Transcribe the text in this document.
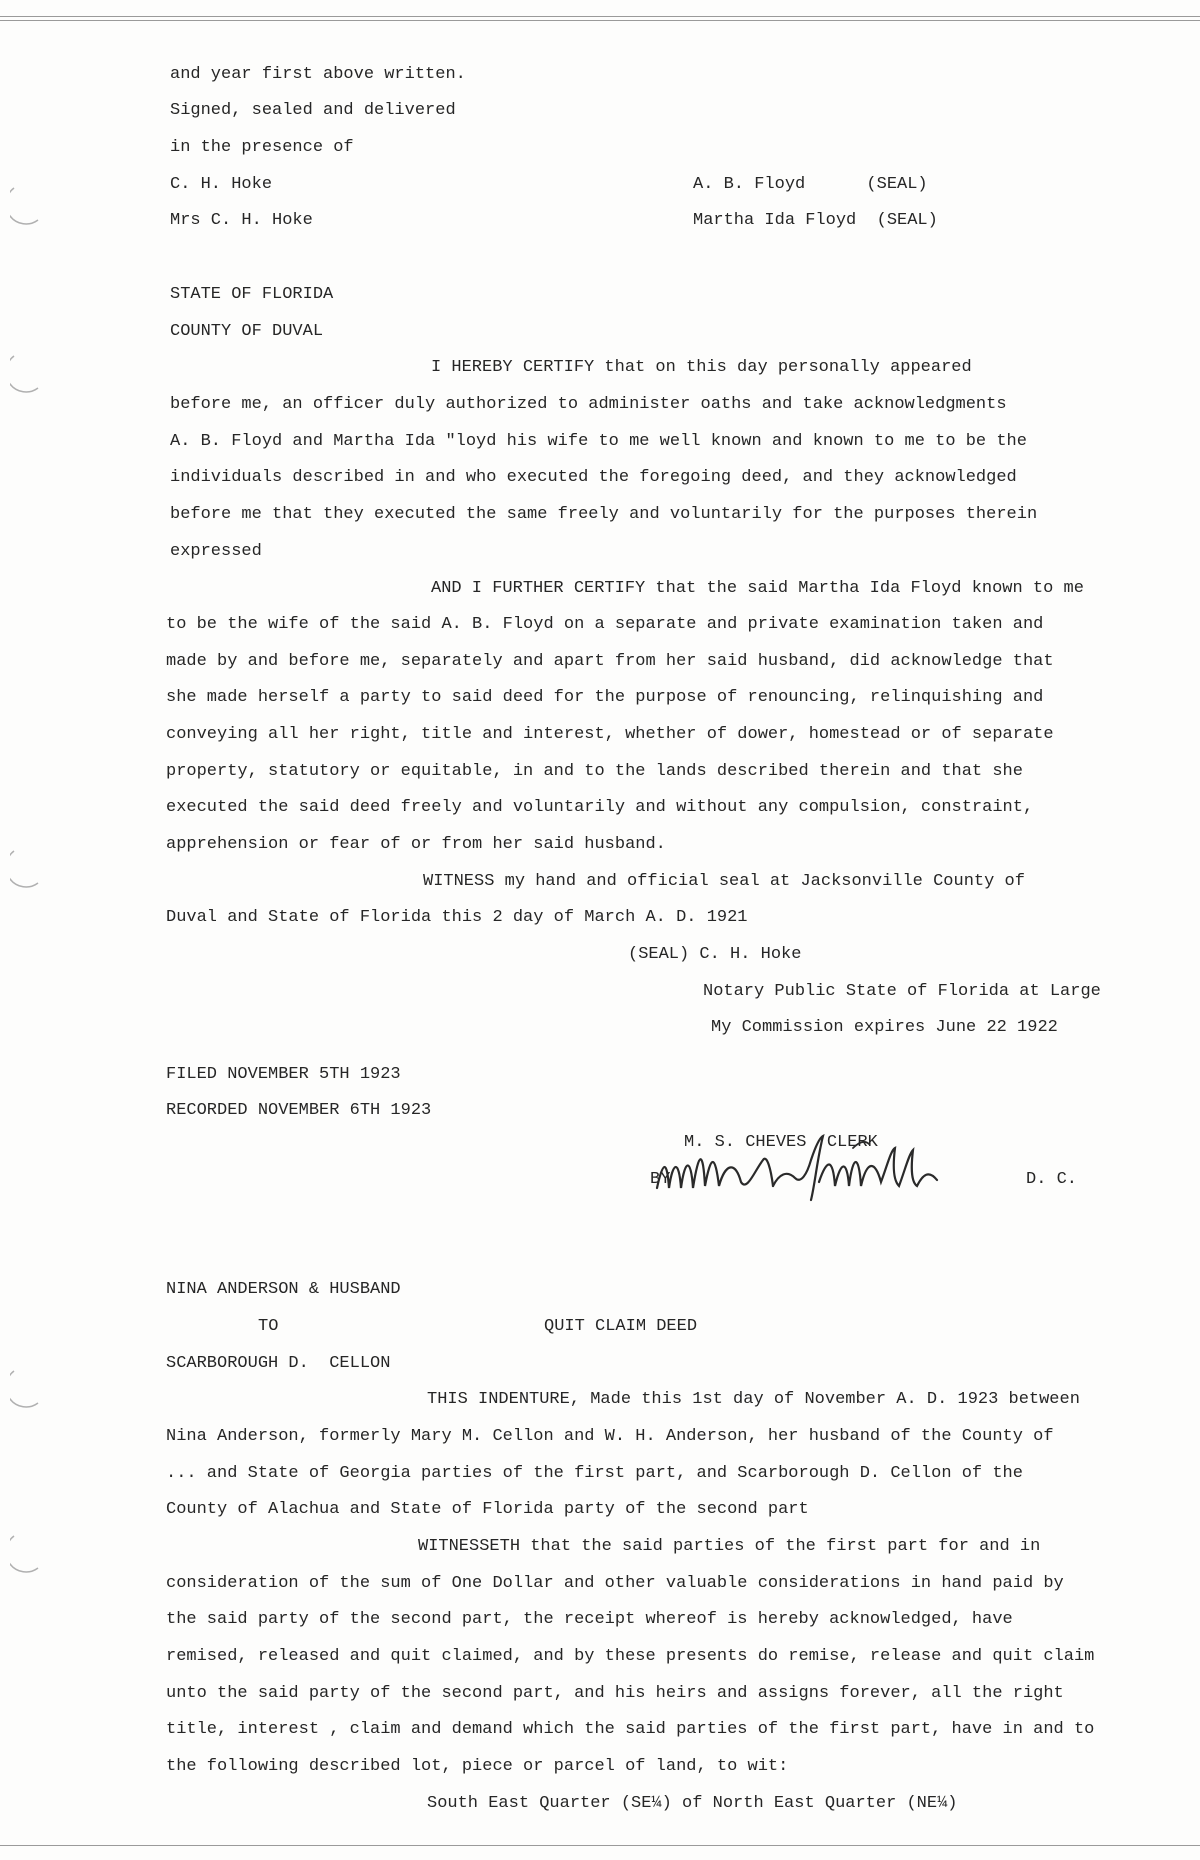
and year first above written.
Signed, sealed and delivered
in the presence of
C. H. Hoke	A. B. Floyd      (SEAL)
Mrs C. H. Hoke	Martha Ida Floyd  (SEAL)
STATE OF FLORIDA
COUNTY OF DUVAL
I HEREBY CERTIFY that on this day personally appeared
before me, an officer duly authorized to administer oaths and take acknowledgments
A. B. Floyd and Martha Ida "loyd his wife to me well known and known to me to be the
individuals described in and who executed the foregoing deed, and they acknowledged
before me that they executed the same freely and voluntarily for the purposes therein
expressed
AND I FURTHER CERTIFY that the said Martha Ida Floyd known to me
to be the wife of the said A. B. Floyd on a separate and private examination taken and
made by and before me, separately and apart from her said husband, did acknowledge that
she made herself a party to said deed for the purpose of renouncing, relinquishing and
conveying all her right, title and interest, whether of dower, homestead or of separate
property, statutory or equitable, in and to the lands described therein and that she
executed the said deed freely and voluntarily and without any compulsion, constraint,
apprehension or fear of or from her said husband.
WITNESS my hand and official seal at Jacksonville County of
Duval and State of Florida this 2 day of March A. D. 1921
(SEAL) C. H. Hoke
Notary Public State of Florida at Large
My Commission expires June 22 1922
FILED NOVEMBER 5TH 1923
RECORDED NOVEMBER 6TH 1923
M. S. CHEVES  CLERK
BY	D. C.
NINA ANDERSON & HUSBAND
TO	QUIT CLAIM DEED
SCARBOROUGH D.  CELLON
THIS INDENTURE, Made this 1st day of November A. D. 1923 between
Nina Anderson, formerly Mary M. Cellon and W. H. Anderson, her husband of the County of
... and State of Georgia parties of the first part, and Scarborough D. Cellon of the
County of Alachua and State of Florida party of the second part
WITNESSETH that the said parties of the first part for and in
consideration of the sum of One Dollar and other valuable considerations in hand paid by
the said party of the second part, the receipt whereof is hereby acknowledged, have
remised, released and quit claimed, and by these presents do remise, release and quit claim
unto the said party of the second part, and his heirs and assigns forever, all the right
title, interest , claim and demand which the said parties of the first part, have in and to
the following described lot, piece or parcel of land, to wit:
South East Quarter (SE¼) of North East Quarter (NE¼)
